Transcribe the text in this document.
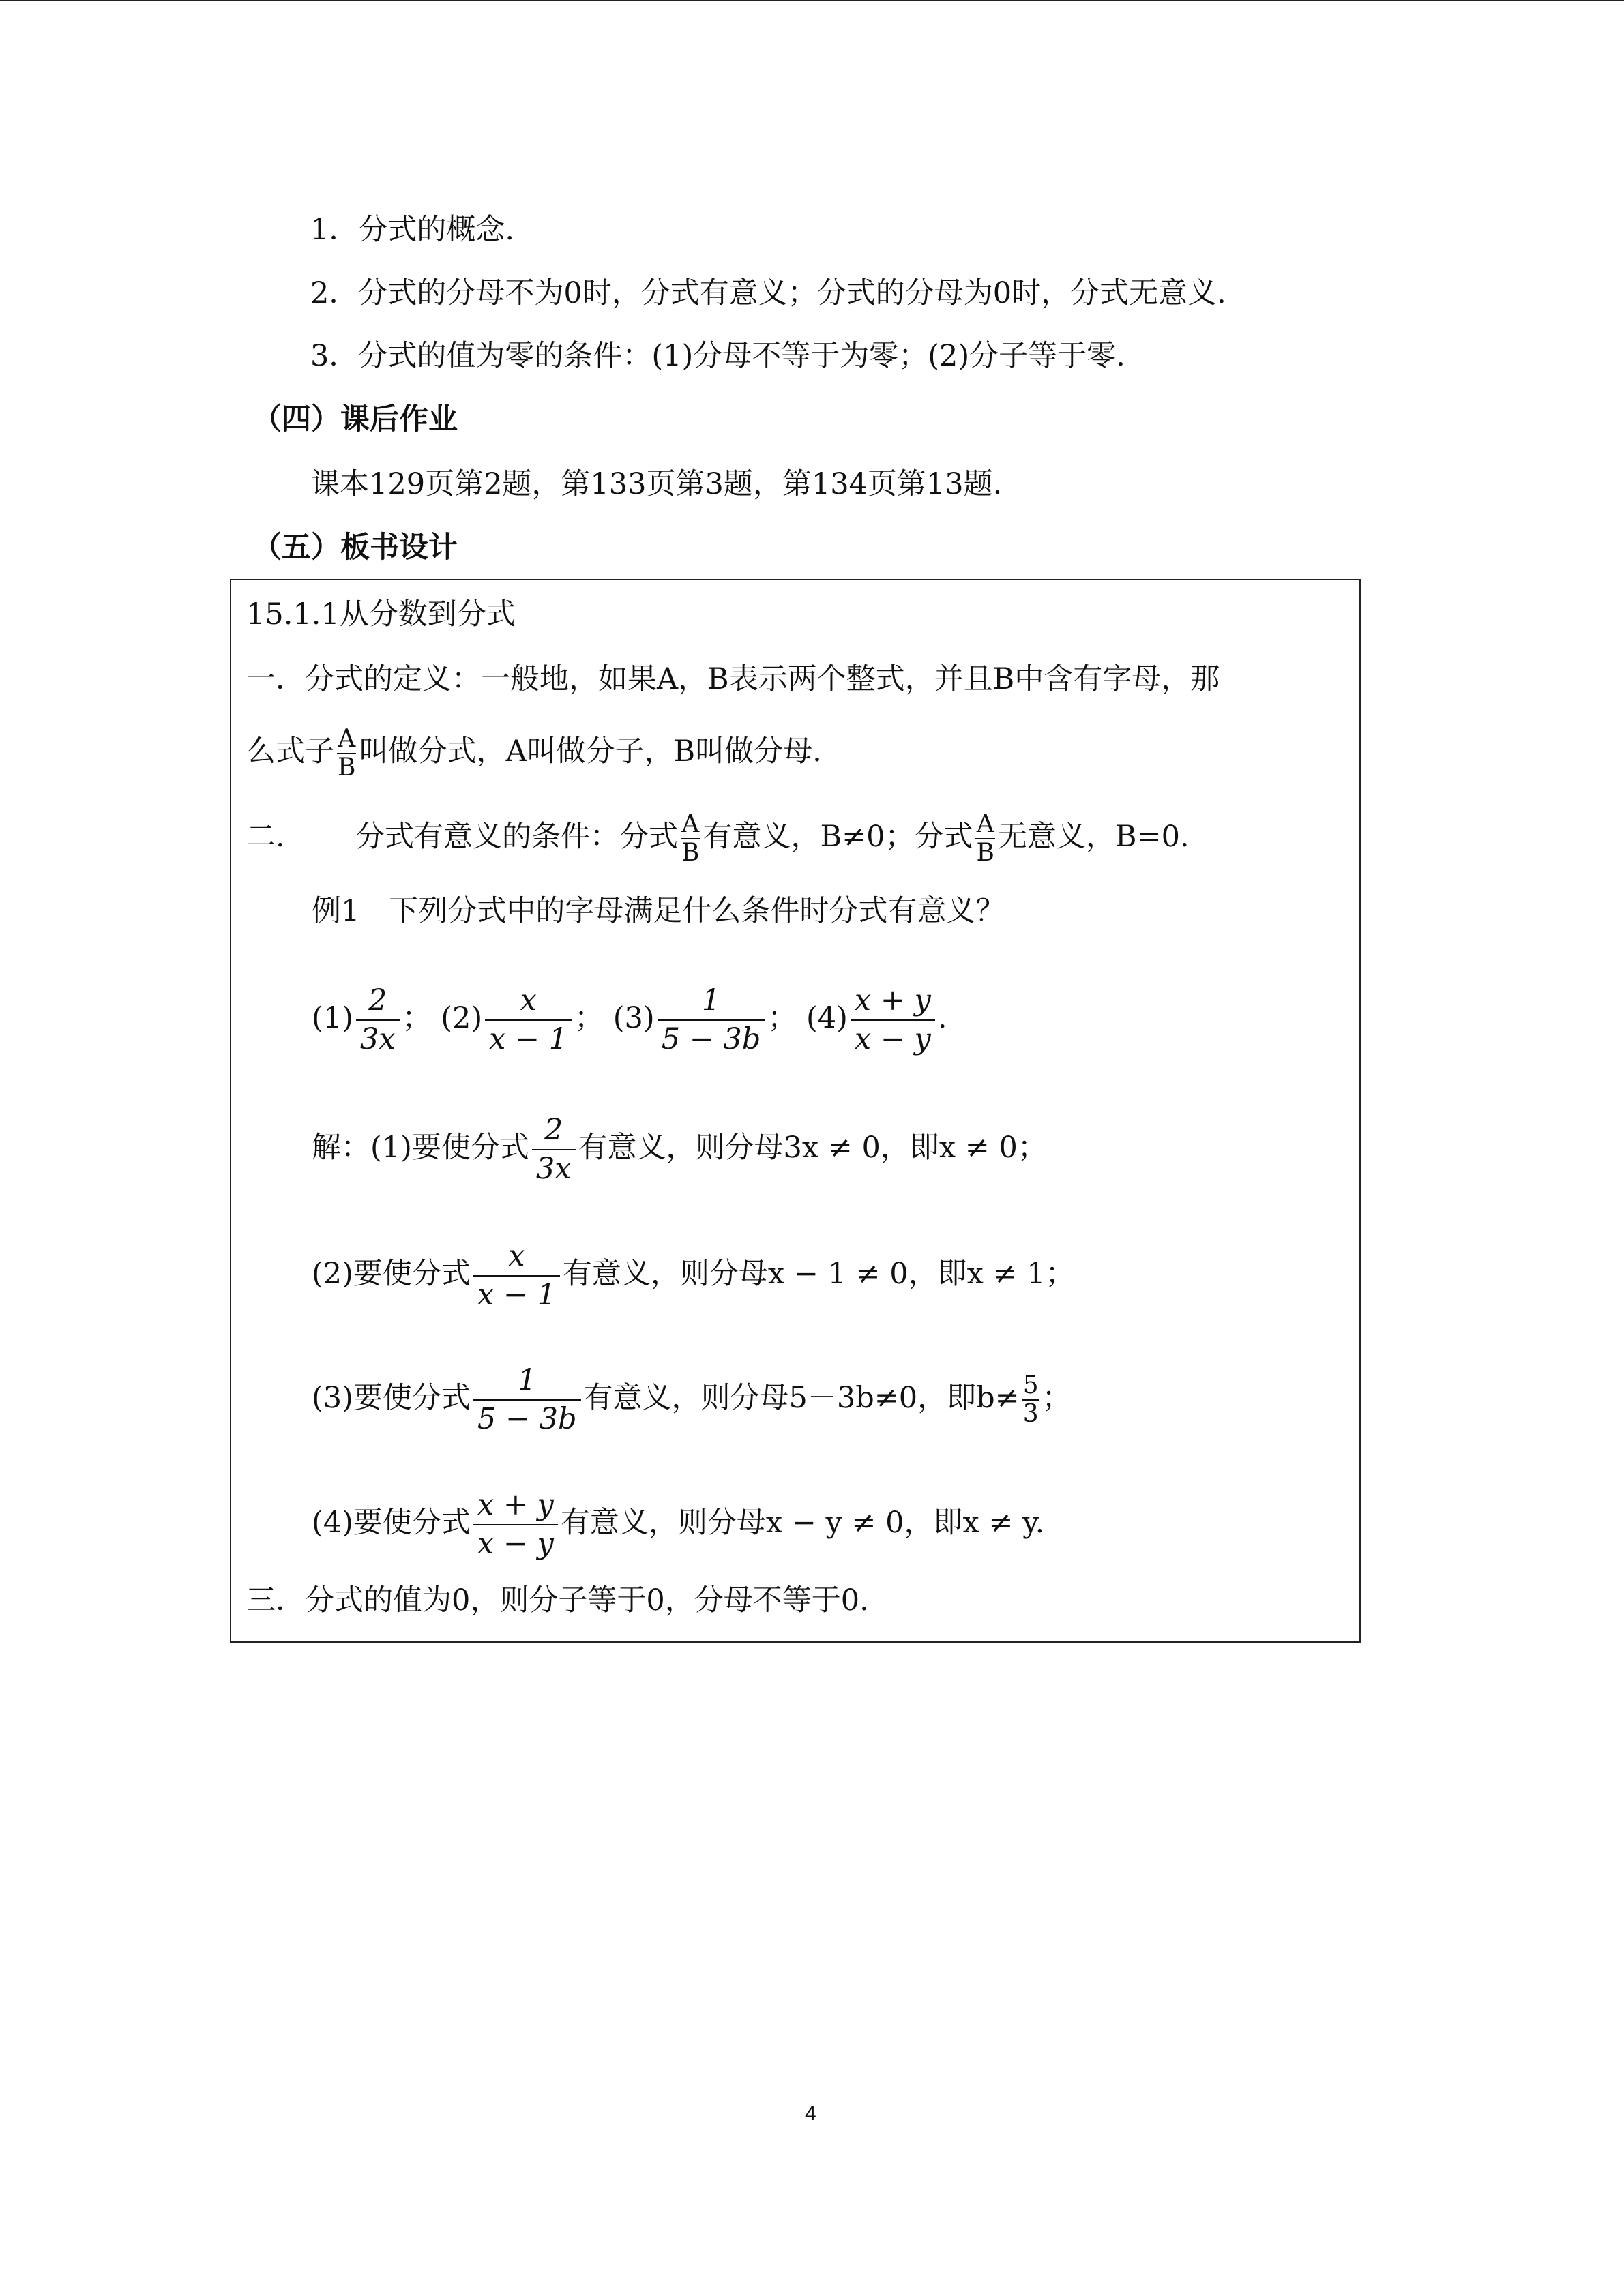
1．分式的概念.
2．分式的分母不为0时，分式有意义；分式的分母为0时，分式无意义.
3．分式的值为零的条件：(1)分母不等于为零；(2)分子等于零.
（四）课后作业
课本129页第2题，第133页第3题，第134页第13题.
（五）板书设计
15.1.1从分数到分式
一．分式的定义：一般地，如果A，B表示两个整式，并且B中含有字母，那
么式子 $\frac{A}{B}$ 叫做分式，A叫做分子，B叫做分母.
二. 分式有意义的条件：分式 $\frac{A}{B}$ 有意义，B≠0；分式 $\frac{A}{B}$ 无意义，B=0.
例1　下列分式中的字母满足什么条件时分式有意义？
$(1) \frac{2}{3x}$ ； $(2) \frac{x}{x - 1}$ ； $(3) \frac{1}{5 - 3b}$ ； $(4) \frac{x + y}{x - y}$ .
解：(1)要使分式 $\frac{2}{3x}$ 有意义，则分母3x ≠ 0，即x ≠ 0；
(2)要使分式 $\frac{x}{x - 1}$ 有意义，则分母x − 1 ≠ 0，即x ≠ 1；
(3)要使分式 $\frac{1}{5 - 3b}$ 有意义，则分母5－3b≠0，即$b\ne \frac{5}{3}$ ；
(4)要使分式 $\frac{x + y}{x - y}$ 有意义，则分母x − y ≠ 0，即x ≠ y.
三．分式的值为0，则分子等于0，分母不等于0.
4
